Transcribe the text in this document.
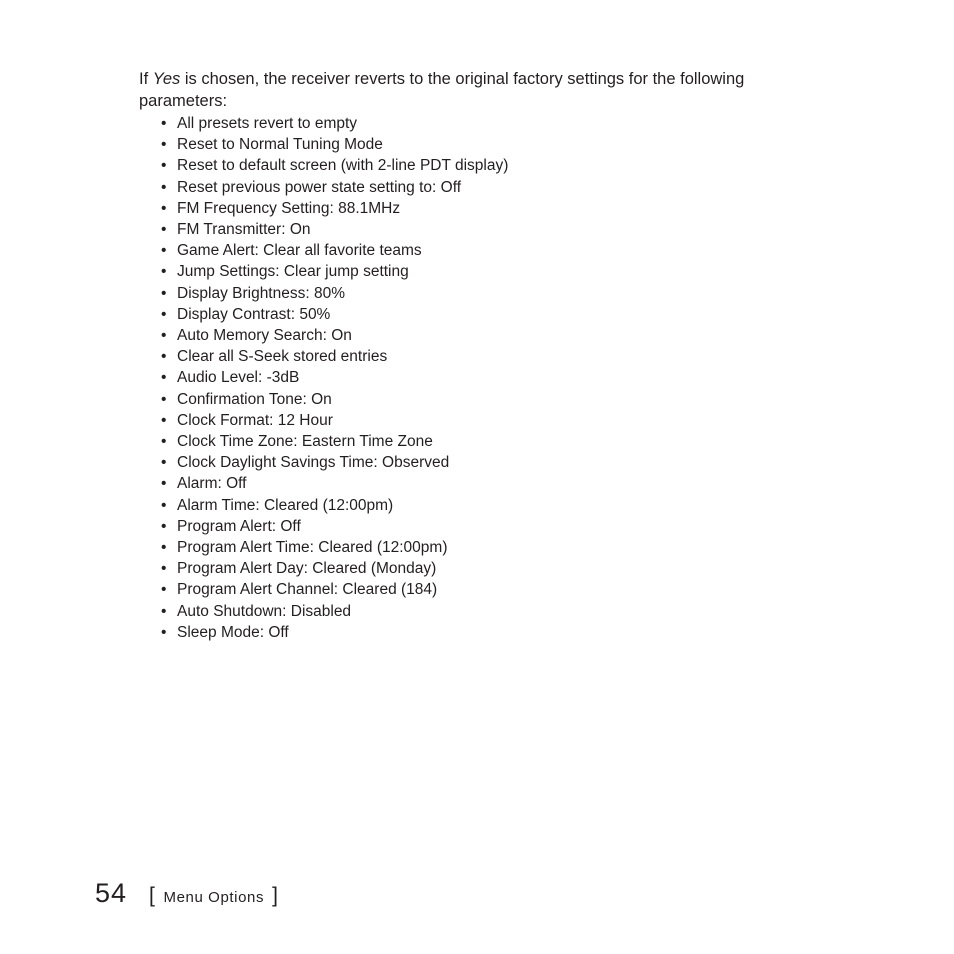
If Yes is chosen, the receiver reverts to the original factory settings for the following parameters:

• All presets revert to empty
• Reset to Normal Tuning Mode
• Reset to default screen (with 2-line PDT display)
• Reset previous power state setting to: Off
• FM Frequency Setting: 88.1MHz
• FM Transmitter: On
• Game Alert: Clear all favorite teams
• Jump Settings: Clear jump setting
• Display Brightness: 80%
• Display Contrast: 50%
• Auto Memory Search: On
• Clear all S-Seek stored entries
• Audio Level: -3dB
• Confirmation Tone: On
• Clock Format: 12 Hour
• Clock Time Zone: Eastern Time Zone
• Clock Daylight Savings Time: Observed
• Alarm: Off
• Alarm Time: Cleared (12:00pm)
• Program Alert: Off
• Program Alert Time: Cleared (12:00pm)
• Program Alert Day: Cleared (Monday)
• Program Alert Channel: Cleared (184)
• Auto Shutdown: Disabled
• Sleep Mode: Off
54 [ Menu Options ]
